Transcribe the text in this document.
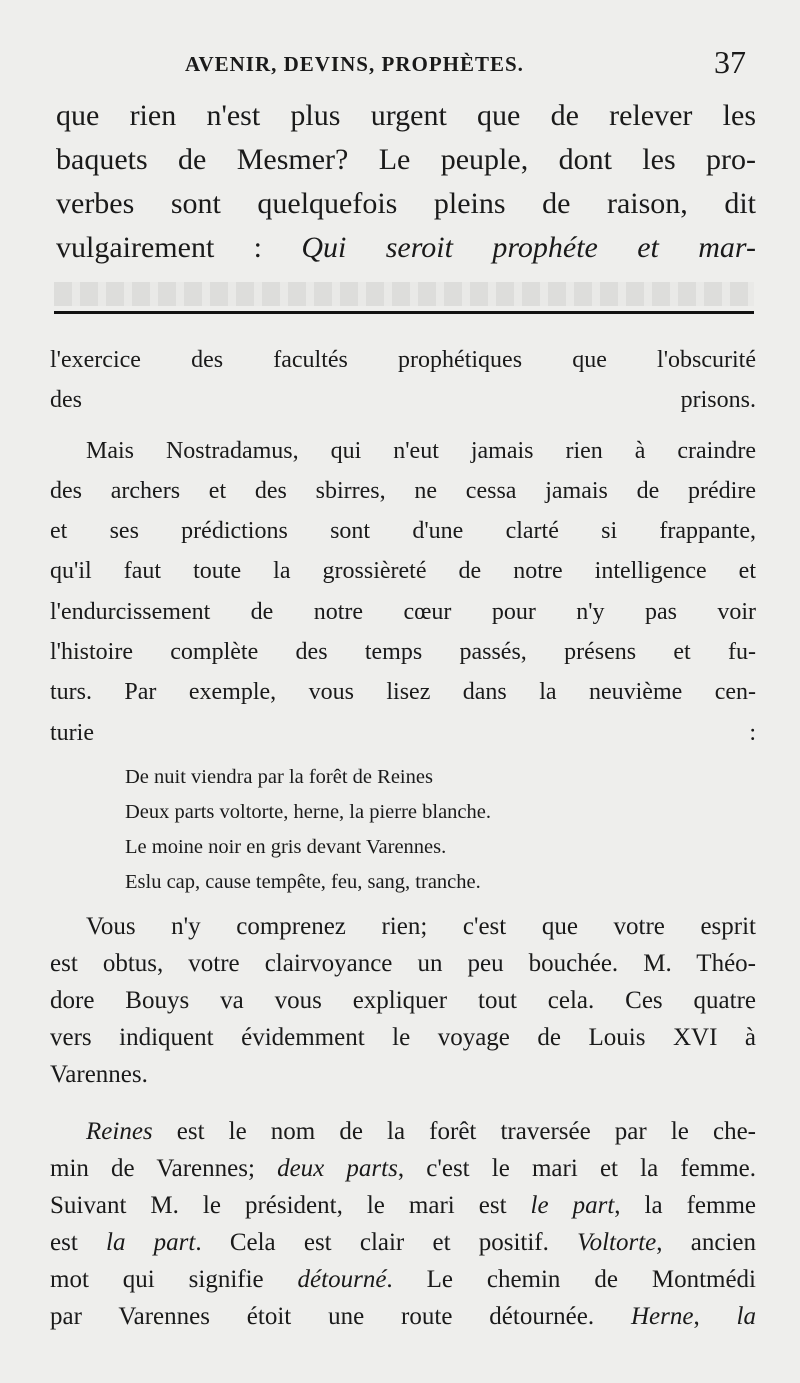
AVENIR, DEVINS, PROPHÈTES.	37
que rien n'est plus urgent que de relever les
baquets de Mesmer? Le peuple, dont les pro-
verbes sont quelquefois pleins de raison, dit
vulgairement : Qui seroit prophéte et mar-

l'exercice des facultés prophétiques que l'obscurité
des prisons.

Mais Nostradamus, qui n'eut jamais rien à craindre
des archers et des sbirres, ne cessa jamais de prédire
et ses prédictions sont d'une clarté si frappante,
qu'il faut toute la grossièreté de notre intelligence et
l'endurcissement de notre cœur pour n'y pas voir
l'histoire complète des temps passés, présens et fu-
turs. Par exemple, vous lisez dans la neuvième cen-
turie :

De nuit viendra par la forêt de Reines
Deux parts voltorte, herne, la pierre blanche.
Le moine noir en gris devant Varennes.
Eslu cap, cause tempête, feu, sang, tranche.
Vous n'y comprenez rien; c'est que votre esprit
est obtus, votre clairvoyance un peu bouchée. M. Théo-
dore Bouys va vous expliquer tout cela. Ces quatre
vers indiquent évidemment le voyage de Louis XVI à
Varennes.
Reines est le nom de la forêt traversée par le che-
min de Varennes; deux parts, c'est le mari et la femme.
Suivant M. le président, le mari est le part, la femme
est la part. Cela est clair et positif. Voltorte, ancien
mot qui signifie détourné. Le chemin de Montmédi
par Varennes étoit une route détournée. Herne, la
